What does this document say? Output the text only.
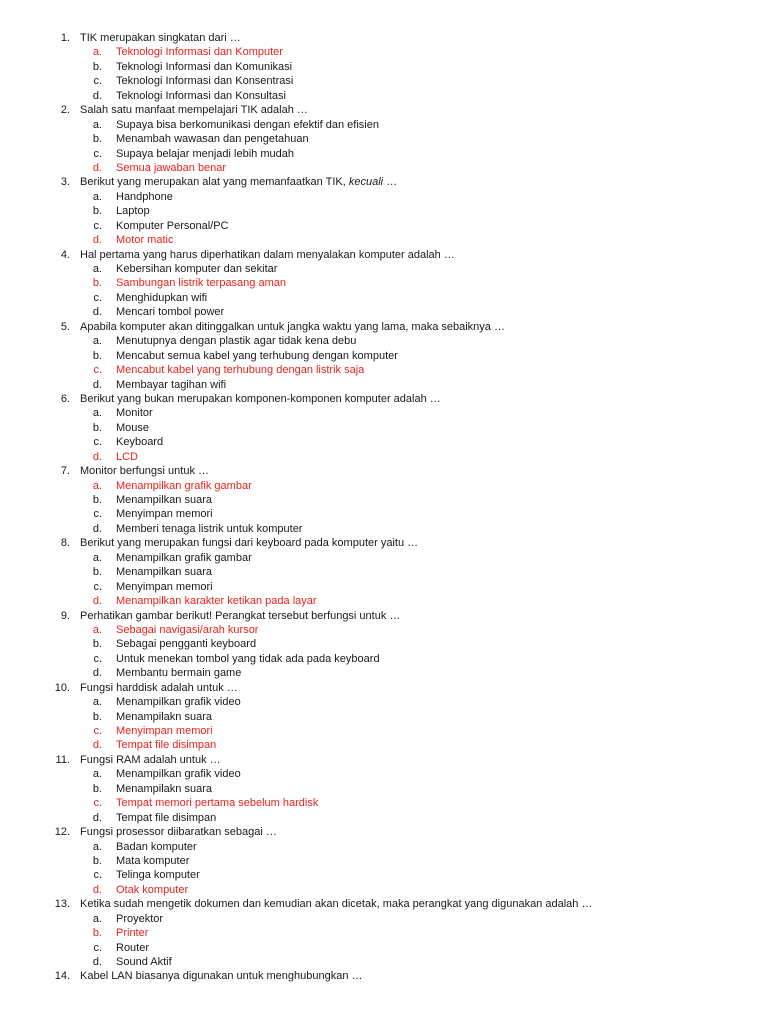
1. TIK merupakan singkatan dari …
a.	Teknologi Informasi dan Komputer
b.	Teknologi Informasi dan Komunikasi
c.	Teknologi Informasi dan Konsentrasi
d.	Teknologi Informasi dan Konsultasi
2. Salah satu manfaat mempelajari TIK adalah …
a.	Supaya bisa berkomunikasi dengan efektif dan efisien
b.	Menambah wawasan dan pengetahuan
c.	Supaya belajar menjadi lebih mudah
d.	Semua jawaban benar
3. Berikut yang merupakan alat yang memanfaatkan TIK, kecuali …
a.	Handphone
b.	Laptop
c.	Komputer Personal/PC
d.	Motor matic
4. Hal pertama yang harus diperhatikan dalam menyalakan komputer adalah …
a.	Kebersihan komputer dan sekitar
b.	Sambungan listrik terpasang aman
c.	Menghidupkan wifi
d.	Mencari tombol power
5. Apabila komputer akan ditinggalkan untuk jangka waktu yang lama, maka sebaiknya …
a.	Menutupnya dengan plastik agar tidak kena debu
b.	Mencabut semua kabel yang terhubung dengan komputer
c.	Mencabut kabel yang terhubung dengan listrik saja
d.	Membayar tagihan wifi
6. Berikut yang bukan merupakan komponen-komponen komputer adalah …
a.	Monitor
b.	Mouse
c.	Keyboard
d.	LCD
7. Monitor berfungsi untuk …
a.	Menampilkan grafik gambar
b.	Menampilkan suara
c.	Menyimpan memori
d.	Memberi tenaga listrik untuk komputer
8. Berikut yang merupakan fungsi dari keyboard pada komputer yaitu …
a.	Menampilkan grafik gambar
b.	Menampilkan suara
c.	Menyimpan memori
d.	Menampilkan karakter ketikan pada layar
9. Perhatikan gambar berikut! Perangkat tersebut berfungsi untuk …
a.	Sebagai navigasi/arah kursor
b.	Sebagai pengganti keyboard
c.	Untuk menekan tombol yang tidak ada pada keyboard
d.	Membantu bermain game
10. Fungsi harddisk adalah untuk …
a.	Menampilkan grafik video
b.	Menampilakn suara
c.	Menyimpan memori
d.	Tempat file disimpan
11. Fungsi RAM adalah untuk …
a.	Menampilkan grafik video
b.	Menampilakn suara
c.	Tempat memori pertama sebelum hardisk
d.	Tempat file disimpan
12. Fungsi prosessor diibaratkan sebagai …
a.	Badan komputer
b.	Mata komputer
c.	Telinga komputer
d.	Otak komputer
13. Ketika sudah mengetik dokumen dan kemudian akan dicetak, maka perangkat yang digunakan adalah …
a.	Proyektor
b.	Printer
c.	Router
d.	Sound Aktif
14. Kabel LAN biasanya digunakan untuk menghubungkan …
